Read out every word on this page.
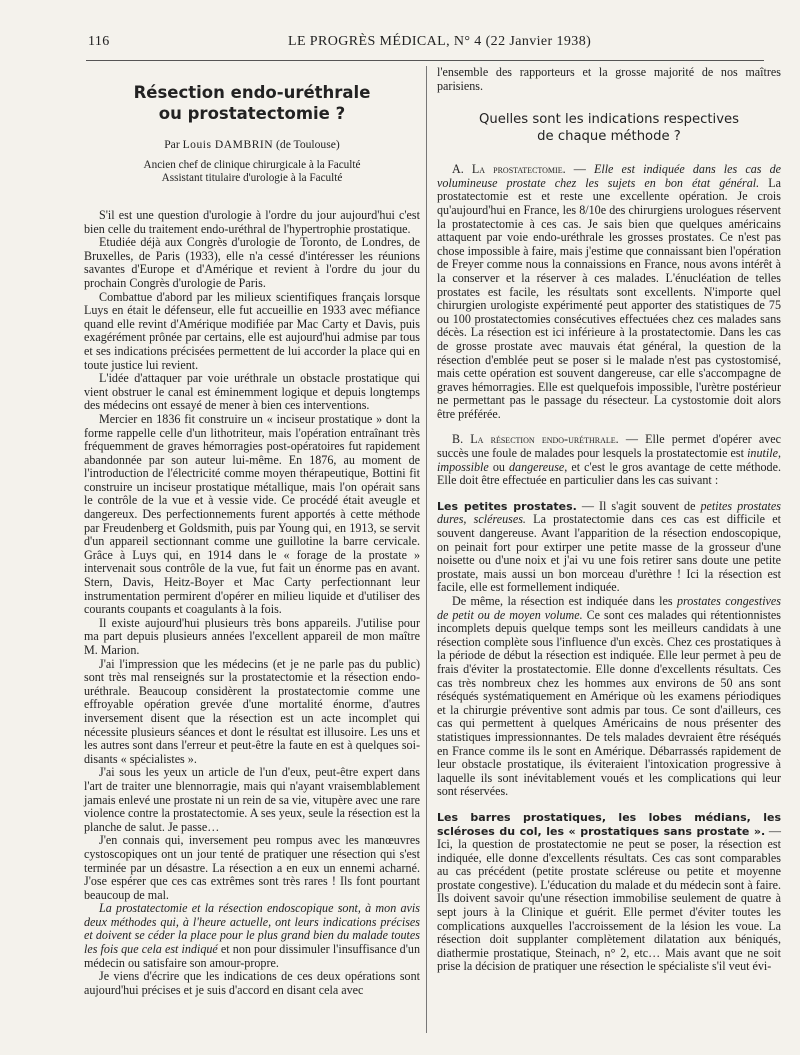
116	LE PROGRÈS MÉDICAL, N° 4 (22 Janvier 1938)
Résection endo-uréthrale
ou prostatectomie ?
Par Louis DAMBRIN (de Toulouse)
Ancien chef de clinique chirurgicale à la Faculté
Assistant titulaire d'urologie à la Faculté

S'il est une question d'urologie à l'ordre du jour aujourd'hui c'est bien celle du traitement endo-uréthral de l'hypertrophie prostatique.

Etudiée déjà aux Congrès d'urologie de Toronto, de Londres, de Bruxelles, de Paris (1933), elle n'a cessé d'intéresser les réunions savantes d'Europe et d'Amérique et revient à l'ordre du jour du prochain Congrès d'urologie de Paris.

Combattue d'abord par les milieux scientifiques français lorsque Luys en était le défenseur, elle fut accueillie en 1933 avec méfiance quand elle revint d'Amérique modifiée par Mac Carty et Davis, puis exagérément prônée par certains, elle est aujourd'hui admise par tous et ses indications précisées permettent de lui accorder la place qui en toute justice lui revient.

L'idée d'attaquer par voie uréthrale un obstacle prostatique qui vient obstruer le canal est éminemment logique et depuis longtemps des médecins ont essayé de mener à bien ces interventions.

Mercier en 1836 fit construire un « inciseur prostatique » dont la forme rappelle celle d'un lithotriteur, mais l'opération entraînant très fréquemment de graves hémorragies post-opératoires fut rapidement abandonnée par son auteur lui-même. En 1876, au moment de l'introduction de l'électricité comme moyen thérapeutique, Bottini fit construire un inciseur prostatique métallique, mais l'on opérait sans le contrôle de la vue et à vessie vide. Ce procédé était aveugle et dangereux. Des perfectionnements furent apportés à cette méthode par Freudenberg et Goldsmith, puis par Young qui, en 1913, se servit d'un appareil sectionnant comme une guillotine la barre cervicale. Grâce à Luys qui, en 1914 dans le « forage de la prostate » intervenait sous contrôle de la vue, fut fait un énorme pas en avant. Stern, Davis, Heitz-Boyer et Mac Carty perfectionnant leur instrumentation permirent d'opérer en milieu liquide et d'utiliser des courants coupants et coagulants à la fois.

Il existe aujourd'hui plusieurs très bons appareils. J'utilise pour ma part depuis plusieurs années l'excellent appareil de mon maître M. Marion.

J'ai l'impression que les médecins (et je ne parle pas du public) sont très mal renseignés sur la prostatectomie et la résection endo-uréthrale. Beaucoup considèrent la prostatectomie comme une effroyable opération grevée d'une mortalité énorme, d'autres inversement disent que la résection est un acte incomplet qui nécessite plusieurs séances et dont le résultat est illusoire. Les uns et les autres sont dans l'erreur et peut-être la faute en est à quelques soi-disants « spécialistes ».

J'ai sous les yeux un article de l'un d'eux, peut-être expert dans l'art de traiter une blennorragie, mais qui n'ayant vraisemblablement jamais enlevé une prostate ni un rein de sa vie, vitupère avec une rare violence contre la prostatectomie. A ses yeux, seule la résection est la planche de salut. Je passe…

J'en connais qui, inversement peu rompus avec les manœuvres cystoscopiques ont un jour tenté de pratiquer une résection qui s'est terminée par un désastre. La résection a en eux un ennemi acharné. J'ose espérer que ces cas extrêmes sont très rares ! Ils font pourtant beaucoup de mal.

La prostatectomie et la résection endoscopique sont, à mon avis deux méthodes qui, à l'heure actuelle, ont leurs indications précises et doivent se céder la place pour le plus grand bien du malade toutes les fois que cela est indiqué et non pour dissimuler l'insuffisance d'un médecin ou satisfaire son amour-propre.

Je viens d'écrire que les indications de ces deux opérations sont aujourd'hui précises et je suis d'accord en disant cela avec

l'ensemble des rapporteurs et la grosse majorité de nos maîtres parisiens.

Quelles sont les indications respectives
de chaque méthode ?

A. La prostatectomie. — Elle est indiquée dans les cas de volumineuse prostate chez les sujets en bon état général. La prostatectomie est et reste une excellente opération. Je crois qu'aujourd'hui en France, les 8/10e des chirurgiens urologues réservent la prostatectomie à ces cas. Je sais bien que quelques américains attaquent par voie endo-uréthrale les grosses prostates. Ce n'est pas chose impossible à faire, mais j'estime que connaissant bien l'opération de Freyer comme nous la connaissions en France, nous avons intérêt à la conserver et la réserver à ces malades. L'énucléation de telles prostates est facile, les résultats sont excellents. N'importe quel chirurgien urologiste expérimenté peut apporter des statistiques de 75 ou 100 prostatectomies consécutives effectuées chez ces malades sans décès. La résection est ici inférieure à la prostatectomie. Dans les cas de grosse prostate avec mauvais état général, la question de la résection d'emblée peut se poser si le malade n'est pas cystostomisé, mais cette opération est souvent dangereuse, car elle s'accompagne de graves hémorragies. Elle est quelquefois impossible, l'urètre postérieur ne permettant pas le passage du résecteur. La cystostomie doit alors être préférée.

B. La résection endo-uréthrale. — Elle permet d'opérer avec succès une foule de malades pour lesquels la prostatectomie est inutile, impossible ou dangereuse, et c'est le gros avantage de cette méthode. Elle doit être effectuée en particulier dans les cas suivant :

Les petites prostates. — Il s'agit souvent de petites prostates dures, scléreuses. La prostatectomie dans ces cas est difficile et souvent dangereuse. Avant l'apparition de la résection endoscopique, on peinait fort pour extirper une petite masse de la grosseur d'une noisette ou d'une noix et j'ai vu une fois retirer sans doute une petite prostate, mais aussi un bon morceau d'urèthre ! Ici la résection est facile, elle est formellement indiquée.

De même, la résection est indiquée dans les prostates congestives de petit ou de moyen volume. Ce sont ces malades qui rétentionnistes incomplets depuis quelque temps sont les meilleurs candidats à une résection complète sous l'influence d'un excès. Chez ces prostatiques à la période de début la résection est indiquée. Elle leur permet à peu de frais d'éviter la prostatectomie. Elle donne d'excellents résultats. Ces cas très nombreux chez les hommes aux environs de 50 ans sont réséqués systématiquement en Amérique où les examens périodiques et la chirurgie préventive sont admis par tous. Ce sont d'ailleurs, ces cas qui permettent à quelques Américains de nous présenter des statistiques impressionnantes. De tels malades devraient être réséqués en France comme ils le sont en Amérique. Débarrassés rapidement de leur obstacle prostatique, ils éviteraient l'intoxication progressive à laquelle ils sont inévitablement voués et les complications qui leur sont réservées.

Les barres prostatiques, les lobes médians, les scléroses du col, les « prostatiques sans prostate ». — Ici, la question de prostatectomie ne peut se poser, la résection est indiquée, elle donne d'excellents résultats. Ces cas sont comparables au cas précédent (petite prostate scléreuse ou petite et moyenne prostate congestive). L'éducation du malade et du médecin sont à faire. Ils doivent savoir qu'une résection immobilise seulement de quatre à sept jours à la Clinique et guérit. Elle permet d'éviter toutes les complications auxquelles l'accroissement de la lésion les voue. La résection doit supplanter complètement dilatation aux béniqués, diathermie prostatique, Steinach, n° 2, etc… Mais avant que ne soit prise la décision de pratiquer une résection le spécialiste s'il veut évi-
